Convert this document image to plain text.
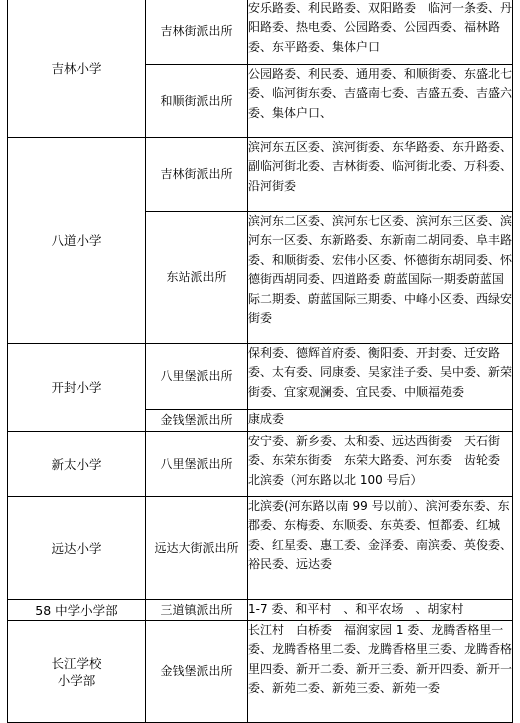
吉林小学	吉林街派出所	安乐路委、利民路委、双阳路委　临河一条委、丹阳路委、热电委、公园路委、公园西委、福林路委、东平路委、集体户口

	和顺街派出所	公园路委、利民委、通用委、和顺街委、东盛北七委、临河街东委、吉盛南七委、吉盛五委、吉盛六委、集体户口、

八道小学	吉林街派出所	滨河东五区委、滨河街委、东华路委、东升路委、副临河街北委、吉林街委、临河街北委、万科委、沿河街委

	东站派出所	滨河东二区委、滨河东七区委、滨河东三区委、滨河东一区委、东新路委、东新南二胡同委、阜丰路委、和顺街委、宏伟小区委、怀德街东胡同委、怀德街西胡同委、四道路委 蔚蓝国际一期委蔚蓝国际二期委、蔚蓝国际三期委、中峰小区委、西绿安街委

开封小学	八里堡派出所	保利委、德辉首府委、衡阳委、开封委、迁安路委、太有委、同康委、吴家洼子委、吴中委、新荣街委、宜家观澜委、宜民委、中顺福苑委

	金钱堡派出所	康成委

新太小学	八里堡派出所	安宁委、新乡委、太和委、远达西街委　天石街委、东荣东街委　东荣大路委、河东委　齿轮委　北滨委（河东路以北 100 号后）

远达小学	远达大街派出所	北滨委(河东路以南 99 号以前）、滨河委东委、东郡委、东梅委、东顺委、东英委、恒都委、红城委、红星委、惠工委、金泽委、南滨委、英俊委、　裕民委、远达委

58 中学小学部	三道镇派出所	1-7 委、和平村　、和平农场　、胡家村

长江学校
小学部	金钱堡派出所	长江村　白桥委　福润家园 1 委、龙腾香格里一委、龙腾香格里二委、龙腾香格里三委、龙腾香格里四委、新开二委、新开三委、新开四委、新开一委、新苑二委、新苑三委、新苑一委
